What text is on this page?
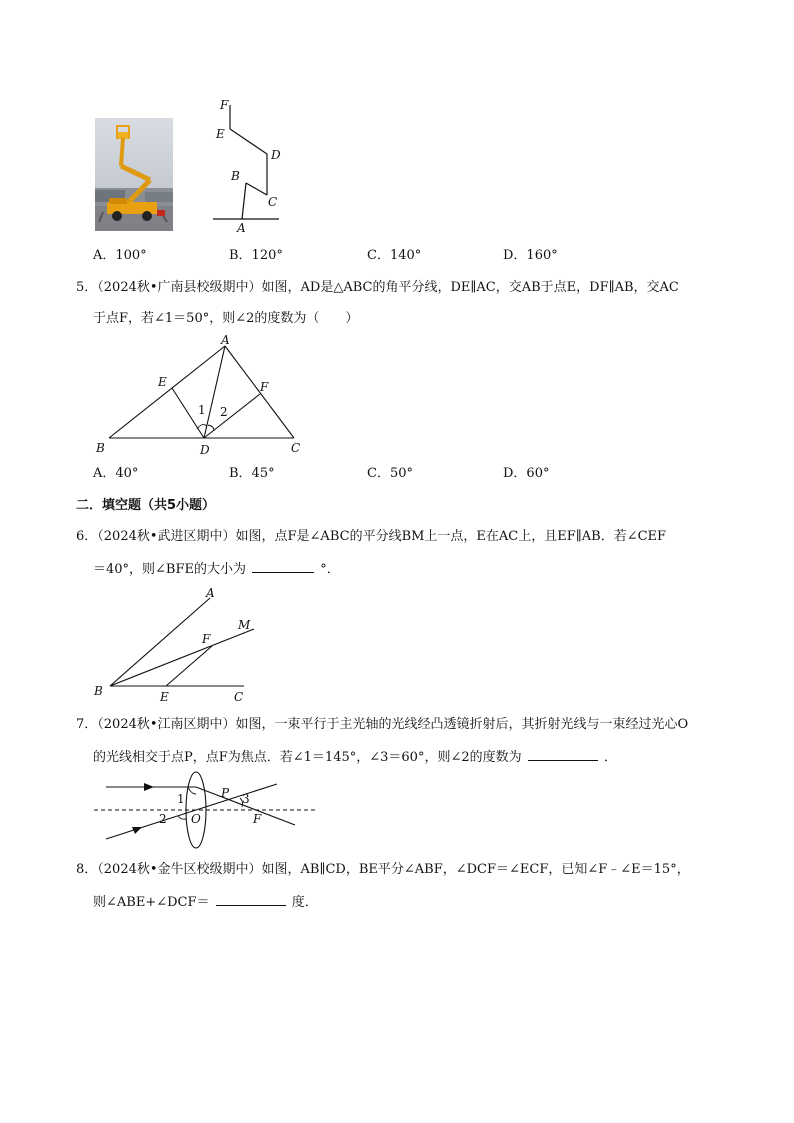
F
E
D
B
C
A
A．100°	B．120°	C．140°	D．160°
5．（2024秋•广南县校级期中）如图，AD是△ABC的角平分线，DE∥AC，交AB于点E，DF∥AB，交AC
于点F，若∠1＝50°，则∠2的度数为（　　）
A
E	F
1 2
B	D	C
A．40°	B．45°	C．50°	D．60°
二．填空题（共5小题）
6．（2024秋•武进区期中）如图，点F是∠ABC的平分线BM上一点，E在AC上，且EF∥AB．若∠CEF
＝40°，则∠BFE的大小为	°．
A
M
F
B	E	C
7．（2024秋•江南区期中）如图，一束平行于主光轴的光线经凸透镜折射后，其折射光线与一束经过光心O
的光线相交于点P，点F为焦点．若∠1＝145°，∠3＝60°，则∠2的度数为	．
1	P 3
2 O	F
8．（2024秋•金牛区校级期中）如图，AB∥CD，BE平分∠ABF，∠DCF＝∠ECF，已知∠F﹣∠E＝15°，
则∠ABE+∠DCF＝	度．
